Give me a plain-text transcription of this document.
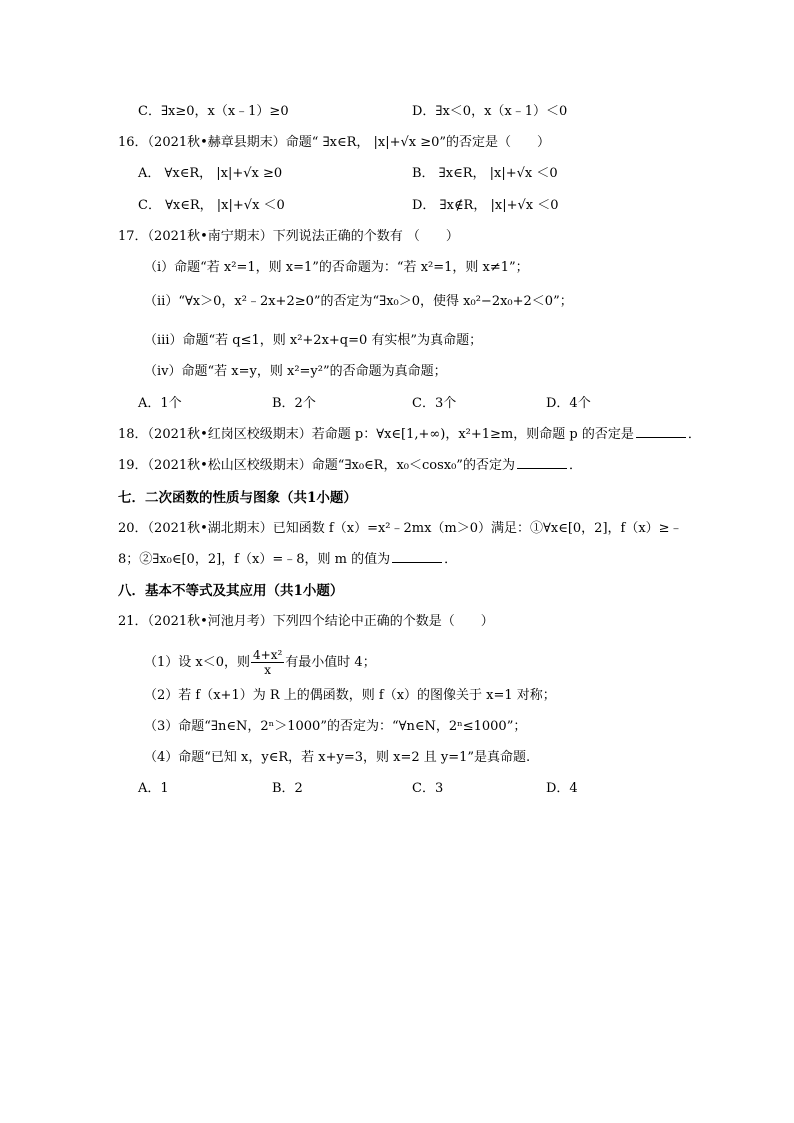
C．∃x≥0，x（x﹣1）≥0	D．∃x＜0，x（x﹣1）＜0
16．（2021秋•赫章县期末）命题“ ∃x∈R， |x|+√x ≥0”的否定是（　　）
A． ∀x∈R， |x|+√x ≥0	B． ∃x∈R， |x|+√x ＜0
C． ∀x∈R， |x|+√x ＜0	D． ∃x∉R， |x|+√x ＜0
17．（2021秋•南宁期末）下列说法正确的个数有 （　　）
（ⅰ）命题“若 x²=1，则 x=1”的否命题为：“若 x²=1，则 x≠1”；
（ⅱ）“∀x＞0，x²﹣2x+2≥0”的否定为“∃x₀＞0，使得 x₀²−2x₀+2＜0”；
（ⅲ）命题“若 q≤1，则 x²+2x+q=0 有实根”为真命题；
（ⅳ）命题“若 x=y，则 x²=y²”的否命题为真命题；
A．1个	B．2个	C．3个	D．4个
18．（2021秋•红岗区校级期末）若命题 p：∀x∈[1,+∞)，x²+1≥m，则命题 p 的否定是	．
19．（2021秋•松山区校级期末）命题“∃x₀∈R，x₀＜cosx₀”的否定为	．
七．二次函数的性质与图象（共1小题）
20．（2021秋•湖北期末）已知函数 f（x）=x²﹣2mx（m＞0）满足：①∀x∈[0，2]，f（x）≥﹣
8；②∃x₀∈[0，2]，f（x）=﹣8，则 m 的值为	．
八．基本不等式及其应用（共1小题）
21．（2021秋•河池月考）下列四个结论中正确的个数是（　　）
（1）设 x＜0，则 $\frac{\text{4+x²}}{x}$ 有最小值时 4；
（2）若 f（x+1）为 R 上的偶函数，则 f（x）的图像关于 x=1 对称；
（3）命题“∃n∈N，2ⁿ＞1000”的否定为：“∀n∈N，2ⁿ≤1000”；
（4）命题“已知 x，y∈R，若 x+y=3，则 x=2 且 y=1”是真命题.
A．1	B．2	C．3	D．4
